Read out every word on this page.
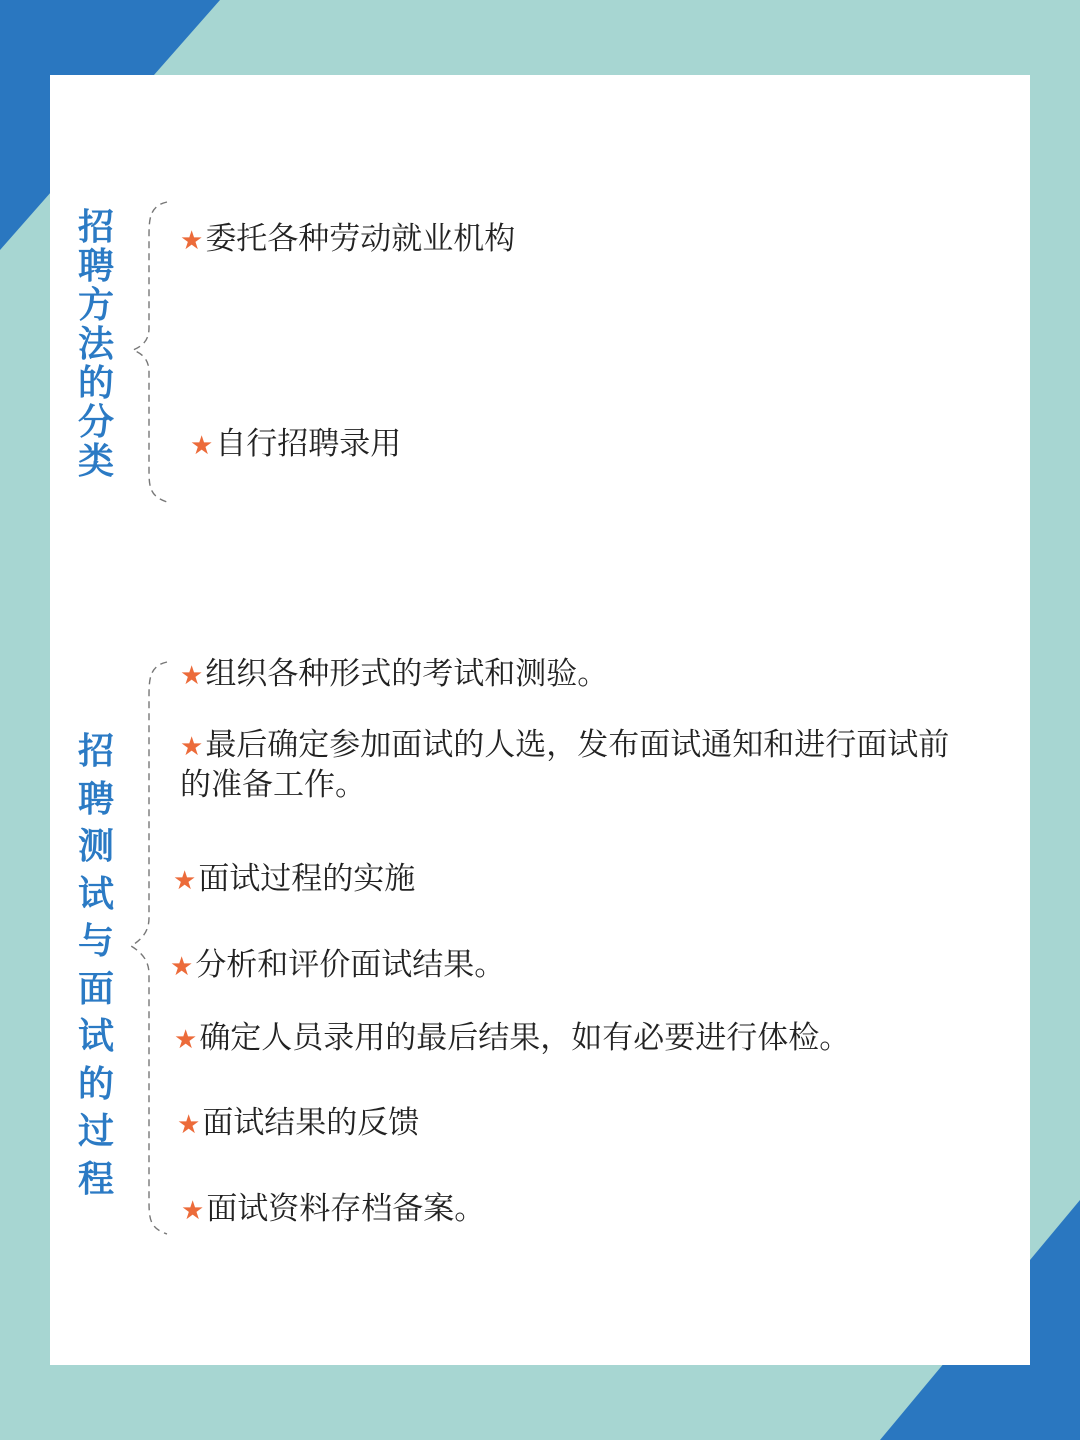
招聘方法的分类
★委托各种劳动就业机构
★自行招聘录用
招聘测试与面试的过程
★组织各种形式的考试和测验。
★最后确定参加面试的人选，发布面试通知和进行面试前的准备工作。
★面试过程的实施
★分析和评价面试结果。
★确定人员录用的最后结果，如有必要进行体检。
★面试结果的反馈
★面试资料存档备案。
